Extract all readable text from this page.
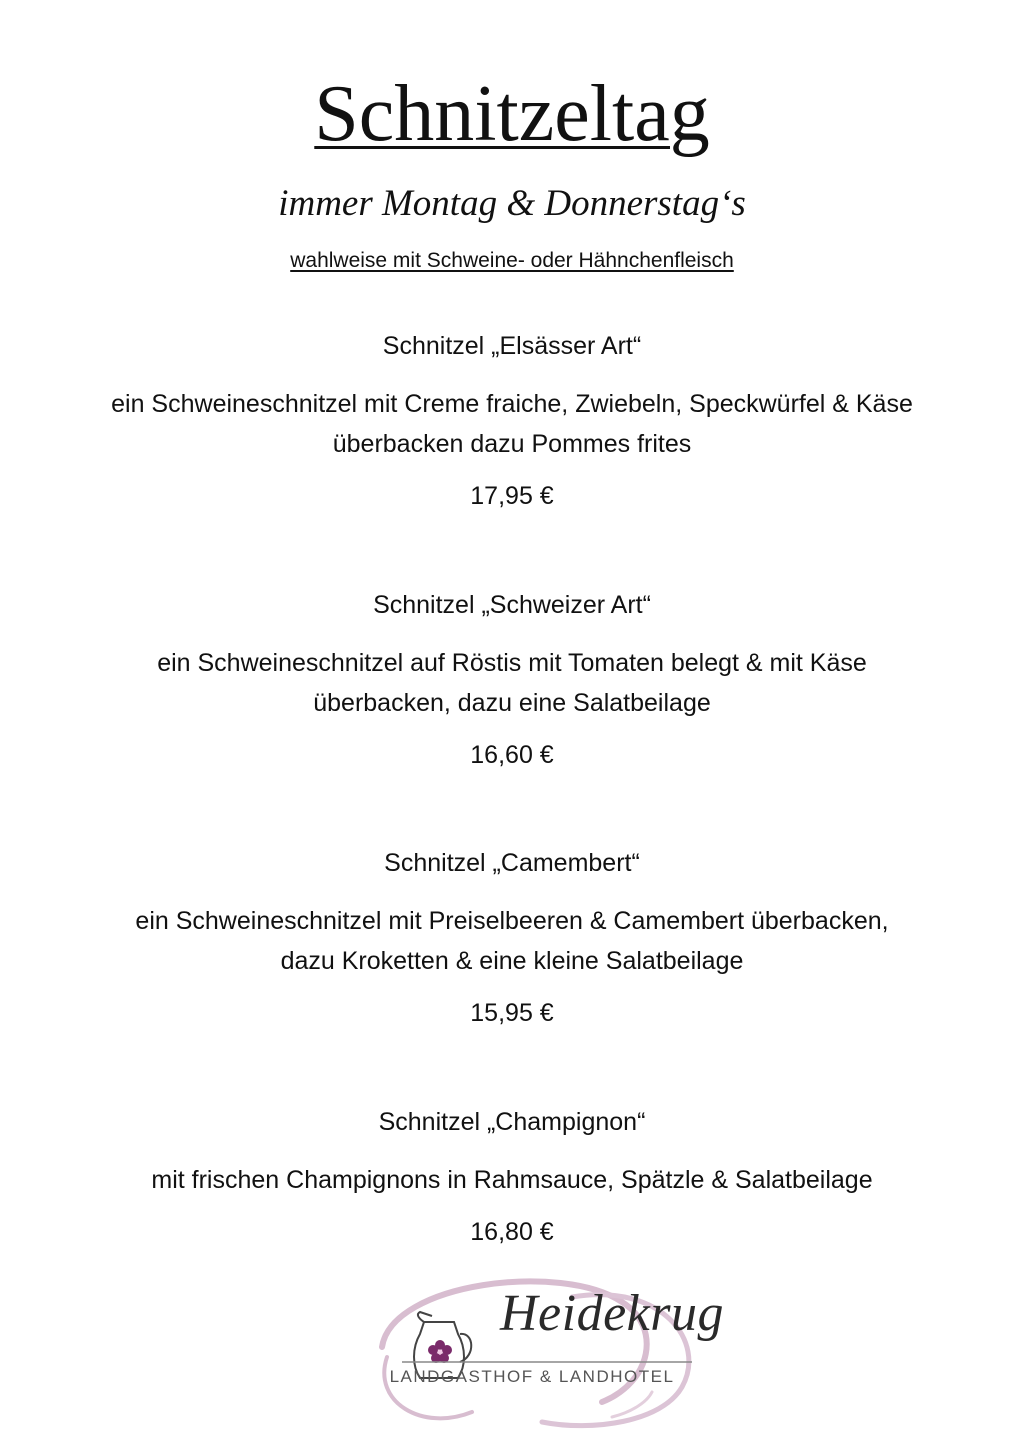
Schnitzeltag
immer Montag & Donnerstag‘s
wahlweise mit Schweine- oder Hähnchenfleisch
Schnitzel „Elsässer Art“
ein Schweineschnitzel mit Creme fraiche, Zwiebeln, Speckwürfel & Käse
überbacken dazu Pommes frites
17,95 €
Schnitzel „Schweizer Art“
ein Schweineschnitzel auf Röstis mit Tomaten belegt & mit Käse
überbacken, dazu eine Salatbeilage
16,60 €
Schnitzel „Camembert“
ein Schweineschnitzel mit Preiselbeeren & Camembert überbacken,
dazu Kroketten & eine kleine Salatbeilage
15,95 €
Schnitzel „Champignon“
mit frischen Champignons in Rahmsauce, Spätzle & Salatbeilage
16,80 €
Heidekrug
LANDGASTHOF & LANDHOTEL
